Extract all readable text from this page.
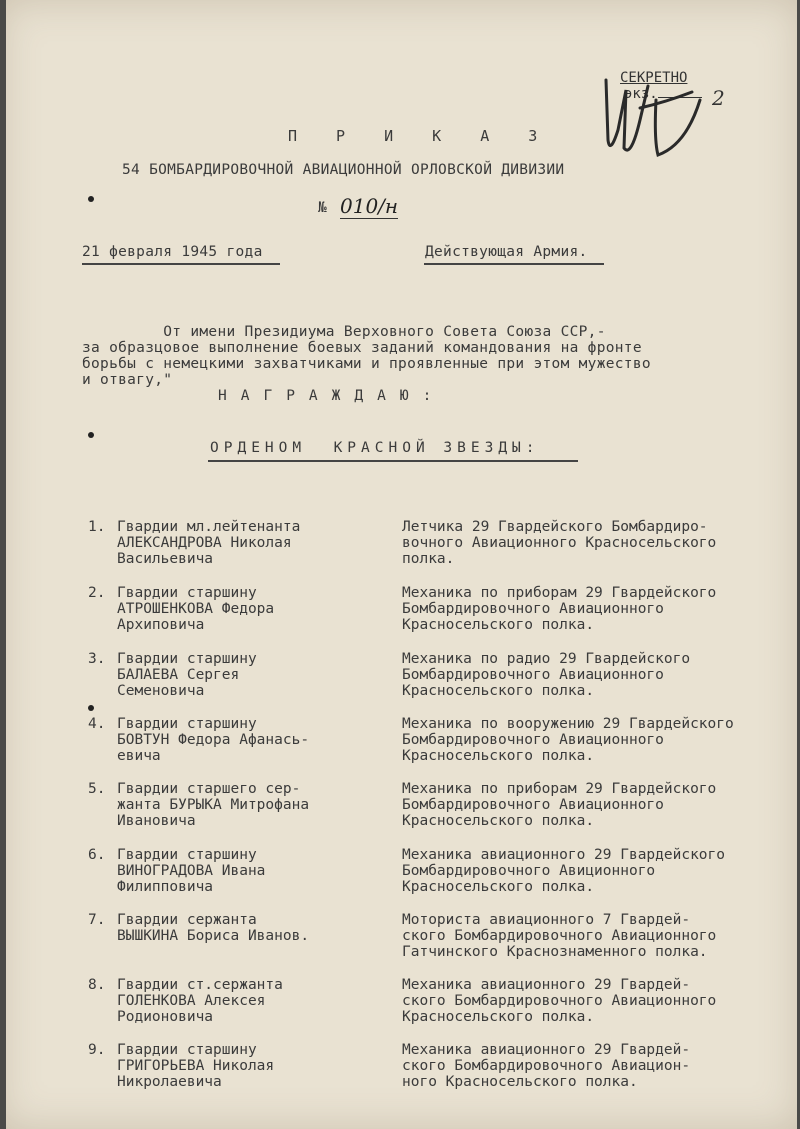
СЕКРЕТНО
экз.	2
П Р И К А З
54 БОМБАРДИРОВОЧНОЙ АВИАЦИОННОЙ ОРЛОВСКОЙ ДИВИЗИИ
№ 010/н
21 февраля 1945 года	Действующая Армия.
От имени Президиума Верховного Совета Союза ССР,-
за образцовое выполнение боевых заданий командования на фронте
борьбы с немецкими захватчиками и проявленные при этом мужество
и отвагу,"
НАГРАЖДАЮ:
ОРДЕНОМ  КРАСНОЙ ЗВЕЗДЫ:
1. Гвардии мл.лейтенанта
АЛЕКСАНДРОВА Николая
Васильевича
Летчика 29 Гвардейского Бомбардиро-
вочного Авиационного Красносельского
полка.
2. Гвардии старшину
АТРОШЕНКОВА Федора
Архиповича
Механика по приборам 29 Гвардейского
Бомбардировочного Авиационного
Красносельского полка.
3. Гвардии старшину
БАЛАЕВА Сергея
Семеновича
Механика по радио 29 Гвардейского
Бомбардировочного Авиационного
Красносельского полка.
4. Гвардии старшину
БОВТУН Федора Афанась-
евича
Механика по вооружению 29 Гвардейского
Бомбардировочного Авиационного
Красносельского полка.
5. Гвардии старшего сер-
жанта БУРЫКА Митрофана
Ивановича
Механика по приборам 29 Гвардейского
Бомбардировочного Авиационного
Красносельского полка.
6. Гвардии старшину
ВИНОГРАДОВА Ивана
Филипповича
Механика авиационного 29 Гвардейского
Бомбардировочного Авиционного
Красносельского полка.
7. Гвардии сержанта
ВЫШКИНА Бориса Иванов.
Моториста авиационного 7 Гвардей-
ского Бомбардировочного Авиационного
Гатчинского Краснознаменного полка.
8. Гвардии ст.сержанта
ГОЛЕНКОВА Алексея
Родионовича
Механика авиационного 29 Гвардей-
ского Бомбардировочного Авиационного
Красносельского полка.
9. Гвардии старшину
ГРИГОРЬЕВА Николая
Никролаевича
Механика авиационного 29 Гвардей-
ского Бомбардировочного Авиацион-
ного Красносельского полка.
